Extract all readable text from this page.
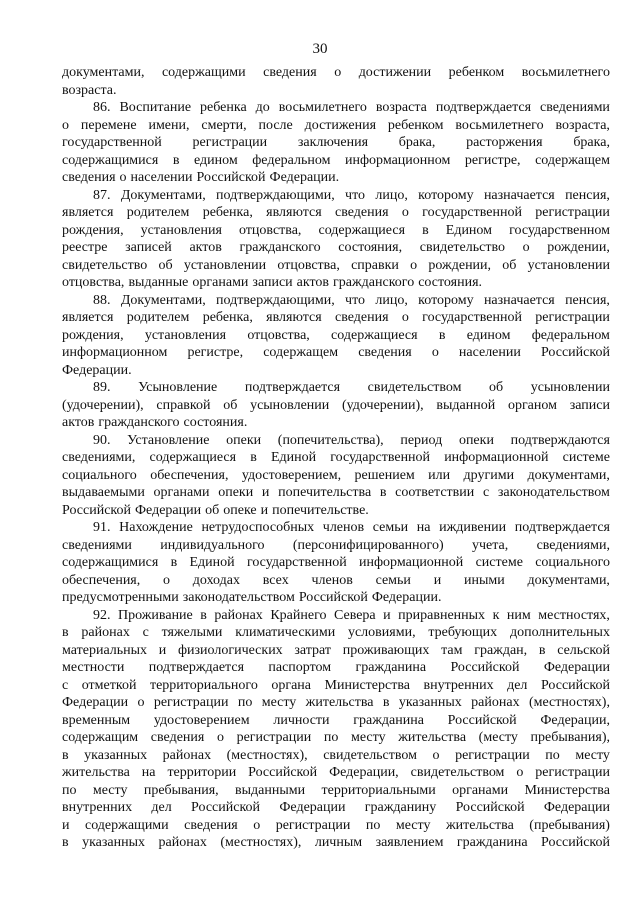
30
документами, содержащими сведения о достижении ребенком восьмилетнего
возраста.
86. Воспитание ребенка до восьмилетнего возраста подтверждается сведениями
о перемене имени, смерти, после достижения ребенком восьмилетнего возраста,
государственной регистрации заключения брака, расторжения брака,
содержащимися в едином федеральном информационном регистре, содержащем
сведения о населении Российской Федерации.
87. Документами, подтверждающими, что лицо, которому назначается пенсия,
является родителем ребенка, являются сведения о государственной регистрации
рождения, установления отцовства, содержащиеся в Едином государственном
реестре записей актов гражданского состояния, свидетельство о рождении,
свидетельство об установлении отцовства, справки о рождении, об установлении
отцовства, выданные органами записи актов гражданского состояния.
88. Документами, подтверждающими, что лицо, которому назначается пенсия,
является родителем ребенка, являются сведения о государственной регистрации
рождения, установления отцовства, содержащиеся в едином федеральном
информационном регистре, содержащем сведения о населении Российской
Федерации.
89. Усыновление подтверждается свидетельством об усыновлении
(удочерении), справкой об усыновлении (удочерении), выданной органом записи
актов гражданского состояния.
90. Установление опеки (попечительства), период опеки подтверждаются
сведениями, содержащиеся в Единой государственной информационной системе
социального обеспечения, удостоверением, решением или другими документами,
выдаваемыми органами опеки и попечительства в соответствии с законодательством
Российской Федерации об опеке и попечительстве.
91. Нахождение нетрудоспособных членов семьи на иждивении подтверждается
сведениями индивидуального (персонифицированного) учета, сведениями,
содержащимися в Единой государственной информационной системе социального
обеспечения, о доходах всех членов семьи и иными документами,
предусмотренными законодательством Российской Федерации.
92. Проживание в районах Крайнего Севера и приравненных к ним местностях,
в районах с тяжелыми климатическими условиями, требующих дополнительных
материальных и физиологических затрат проживающих там граждан, в сельской
местности подтверждается паспортом гражданина Российской Федерации
с отметкой территориального органа Министерства внутренних дел Российской
Федерации о регистрации по месту жительства в указанных районах (местностях),
временным удостоверением личности гражданина Российской Федерации,
содержащим сведения о регистрации по месту жительства (месту пребывания),
в указанных районах (местностях), свидетельством о регистрации по месту
жительства на территории Российской Федерации, свидетельством о регистрации
по месту пребывания, выданными территориальными органами Министерства
внутренних дел Российской Федерации гражданину Российской Федерации
и содержащими сведения о регистрации по месту жительства (пребывания)
в указанных районах (местностях), личным заявлением гражданина Российской
